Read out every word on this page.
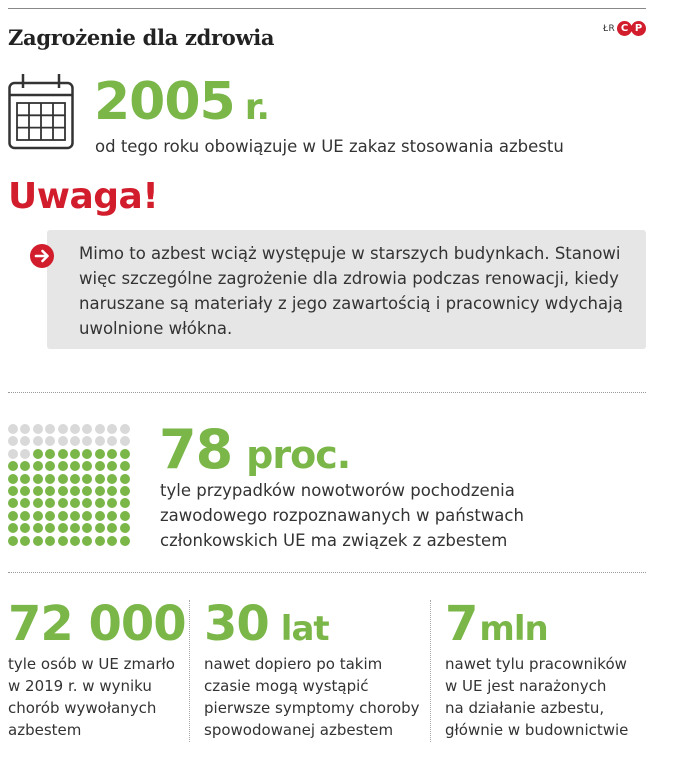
Zagrożenie dla zdrowia	ŁR C P
2005 r.
od tego roku obowiązuje w UE zakaz stosowania azbestu
Uwaga!
Mimo to azbest wciąż występuje w starszych budynkach. Stanowi
więc szczególne zagrożenie dla zdrowia podczas renowacji, kiedy
naruszane są materiały z jego zawartością i pracownicy wdychają
uwolnione włókna.
78 proc.
tyle przypadków nowotworów pochodzenia
zawodowego rozpoznawanych w państwach
członkowskich UE ma związek z azbestem
72 000
tyle osób w UE zmarło
w 2019 r. w wyniku
chorób wywołanych
azbestem
30 lat
nawet dopiero po takim
czasie mogą wystąpić
pierwsze symptomy choroby
spowodowanej azbestem
7mln
nawet tylu pracowników
w UE jest narażonych
na działanie azbestu,
głównie w budownictwie
